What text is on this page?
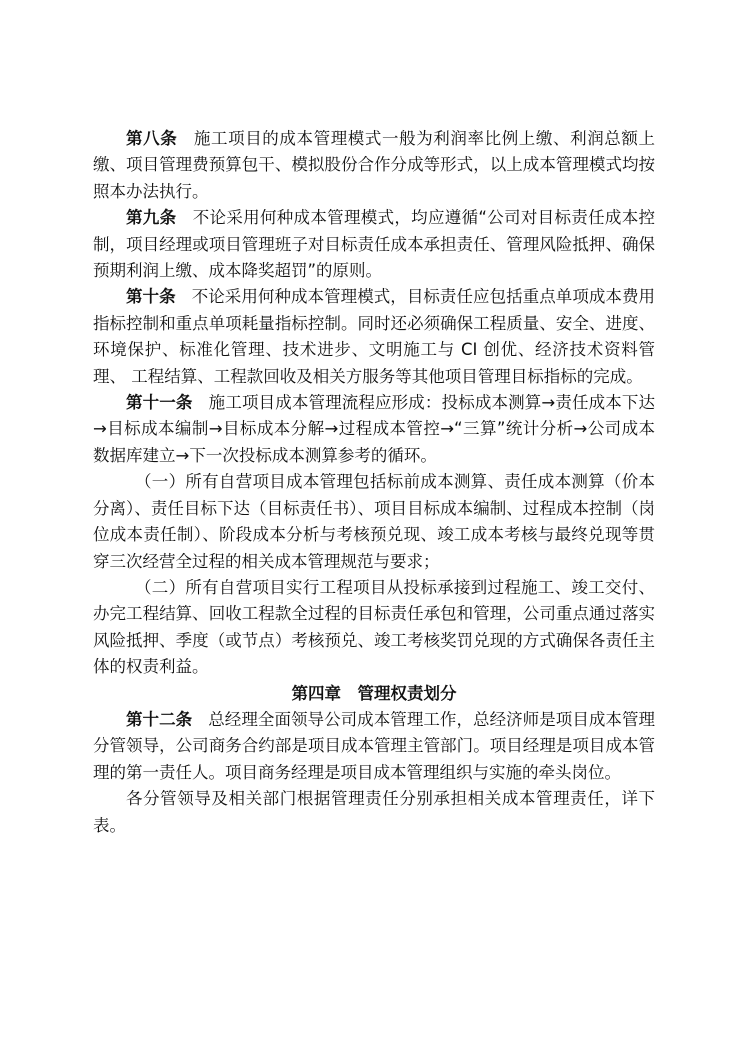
第八条 施工项目的成本管理模式一般为利润率比例上缴、利润总额上缴、项目管理费预算包干、模拟股份合作分成等形式，以上成本管理模式均按照本办法执行。

第九条 不论采用何种成本管理模式，均应遵循“公司对目标责任成本控制，项目经理或项目管理班子对目标责任成本承担责任、管理风险抵押、确保预期利润上缴、成本降奖超罚”的原则。

第十条 不论采用何种成本管理模式，目标责任应包括重点单项成本费用指标控制和重点单项耗量指标控制。同时还必须确保工程质量、安全、进度、环境保护、标准化管理、技术进步、文明施工与 CI 创优、经济技术资料管理、 工程结算、工程款回收及相关方服务等其他项目管理目标指标的完成。

第十一条 施工项目成本管理流程应形成：投标成本测算→责任成本下达→目标成本编制→目标成本分解→过程成本管控→“三算”统计分析→公司成本数据库建立→下一次投标成本测算参考的循环。

（一）所有自营项目成本管理包括标前成本测算、责任成本测算（价本分离）、责任目标下达（目标责任书）、项目目标成本编制、过程成本控制（岗位成本责任制）、阶段成本分析与考核预兑现、竣工成本考核与最终兑现等贯穿三次经营全过程的相关成本管理规范与要求；

（二）所有自营项目实行工程项目从投标承接到过程施工、竣工交付、办完工程结算、回收工程款全过程的目标责任承包和管理，公司重点通过落实风险抵押、季度（或节点）考核预兑、竣工考核奖罚兑现的方式确保各责任主体的权责利益。

第四章　管理权责划分

第十二条 总经理全面领导公司成本管理工作，总经济师是项目成本管理分管领导，公司商务合约部是项目成本管理主管部门。项目经理是项目成本管理的第一责任人。项目商务经理是项目成本管理组织与实施的牵头岗位。

各分管领导及相关部门根据管理责任分别承担相关成本管理责任，详下表。
